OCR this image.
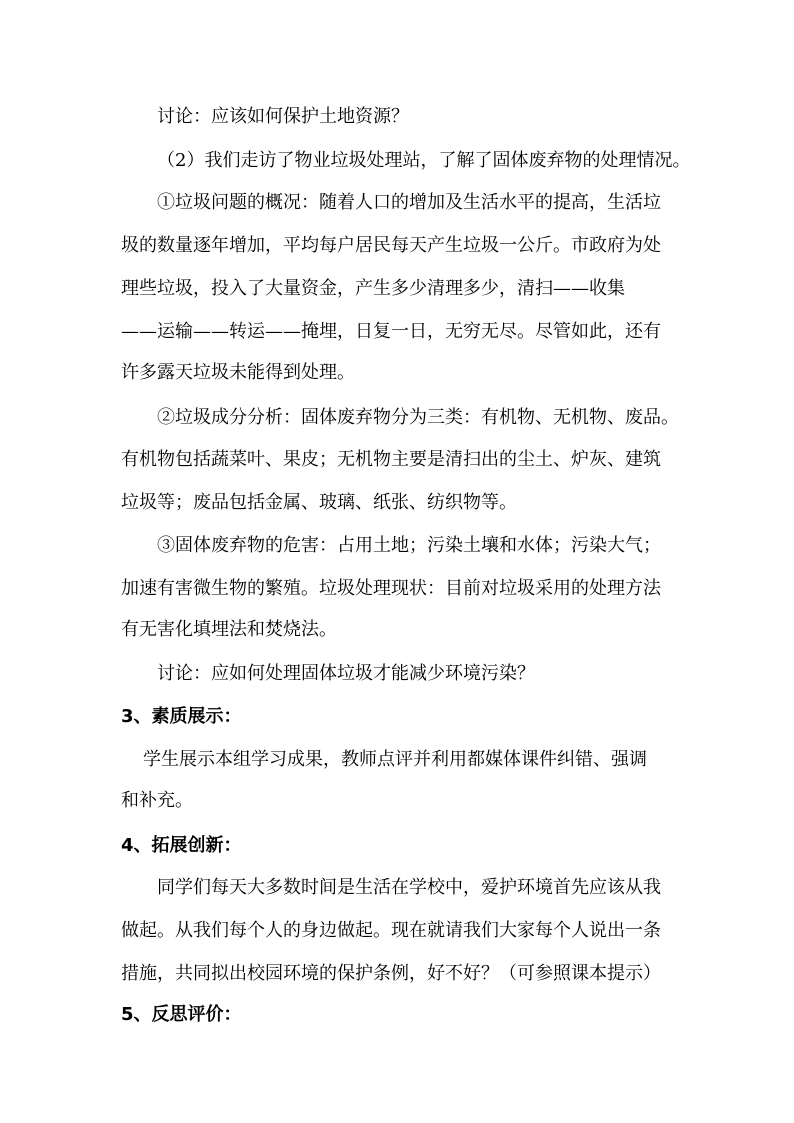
讨论：应该如何保护土地资源？
（2）我们走访了物业垃圾处理站，了解了固体废弃物的处理情况。
①垃圾问题的概况：随着人口的增加及生活水平的提高，生活垃
圾的数量逐年增加，平均每户居民每天产生垃圾一公斤。市政府为处
理些垃圾，投入了大量资金，产生多少清理多少，清扫——收集
——运输——转运——掩埋，日复一日，无穷无尽。尽管如此，还有
许多露天垃圾未能得到处理。
②垃圾成分分析：固体废弃物分为三类：有机物、无机物、废品。
有机物包括蔬菜叶、果皮；无机物主要是清扫出的尘土、炉灰、建筑
垃圾等；废品包括金属、玻璃、纸张、纺织物等。
③固体废弃物的危害：占用土地；污染土壤和水体；污染大气；
加速有害微生物的繁殖。垃圾处理现状：目前对垃圾采用的处理方法
有无害化填埋法和焚烧法。
讨论：应如何处理固体垃圾才能减少环境污染？
3、素质展示：
学生展示本组学习成果，教师点评并利用都媒体课件纠错、强调
和补充。
4、拓展创新：
同学们每天大多数时间是生活在学校中，爱护环境首先应该从我
做起。从我们每个人的身边做起。现在就请我们大家每个人说出一条
措施，共同拟出校园环境的保护条例，好不好？（可参照课本提示）
5、反思评价：
